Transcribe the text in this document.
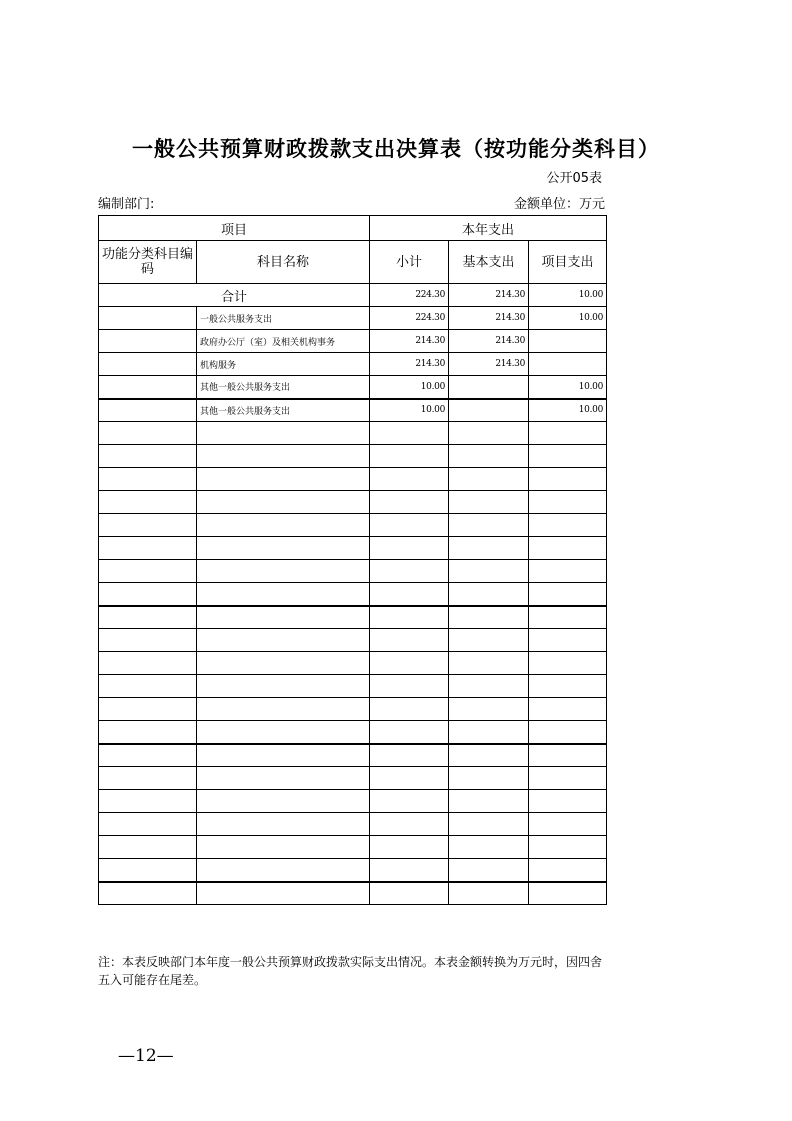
一般公共预算财政拨款支出决算表（按功能分类科目）
公开05表
编制部门:	金额单位：万元
项目	本年支出
功能分类科目编码	科目名称	小计	基本支出	项目支出
合计	224.30	214.30	10.00
	一般公共服务支出	224.30	214.30	10.00

	政府办公厅（室）及相关机构事务	214.30	214.30	

	机构服务	214.30	214.30	

	其他一般公共服务支出	10.00		10.00

	其他一般公共服务支出	10.00		10.00

注：本表反映部门本年度一般公共预算财政拨款实际支出情况。本表金额转换为万元时，因四舍五入可能存在尾差。
—12—
